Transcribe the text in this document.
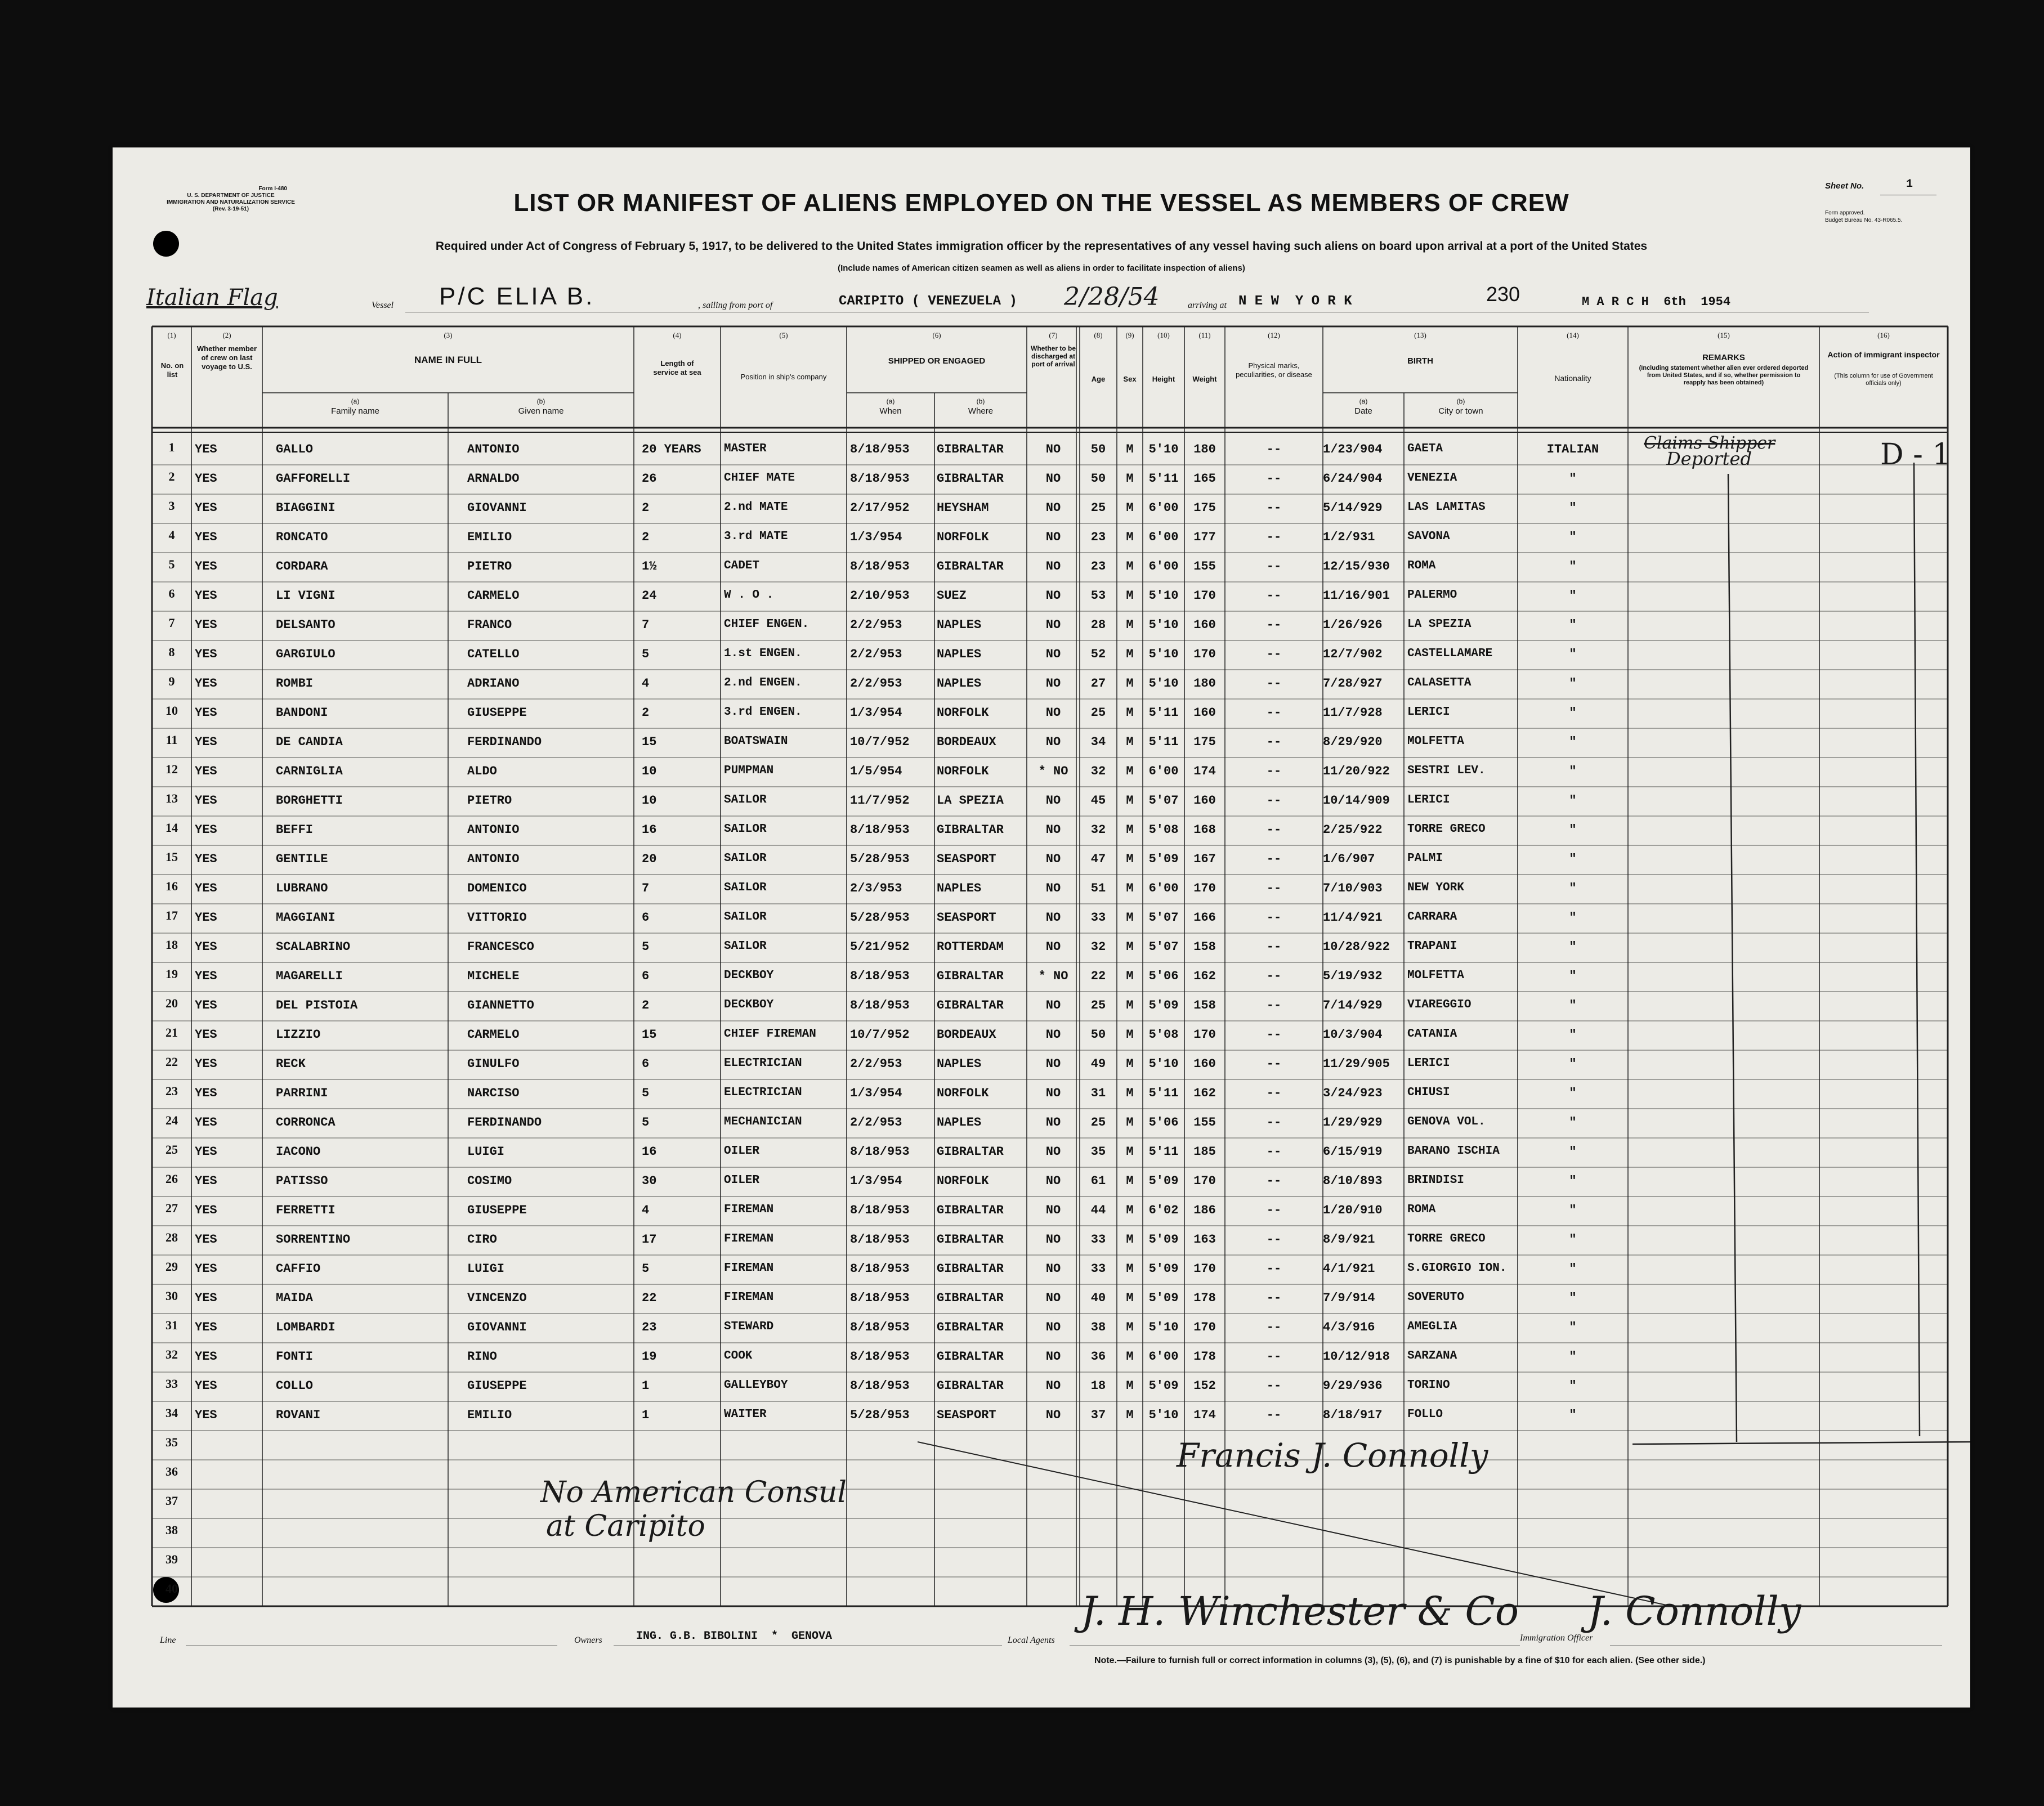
Form I-480
U. S. DEPARTMENT OF JUSTICE
IMMIGRATION AND NATURALIZATION SERVICE
(Rev. 3-19-51)	LIST OR MANIFEST OF ALIENS EMPLOYED ON THE VESSEL AS MEMBERS OF CREW
Sheet No.	1
Form approved.
Budget Bureau No. 43-R065.5.
Required under Act of Congress of February 5, 1917, to be delivered to the United States immigration officer by the representatives of any vessel having such aliens on board upon arrival at a port of the United States
(Include names of American citizen seamen as well as aliens in order to facilitate inspection of aliens)
Italian Flag	Vessel P/C ELIA B.	, sailing from port of	CARIPITO ( VENEZUELA ) 2/28/54	arriving at N E W  Y O R K	230	M A R C H  6th  1954
(1)
No. on list
(2)
Whether member of crew on last voyage to U.S.
(3)
NAME IN FULL
(a)
Family name
(b)
Given name
(4)
Length of service at sea
(5)
Position in ship's company
(6)
SHIPPED OR ENGAGED
(a)
When
(b)
Where
(7)
Whether to be discharged at port of arrival
(8)
Age
(9)
Sex
(10)
Height
(11)
Weight
(12)
Physical marks, peculiarities, or disease
(13)
BIRTH
(a)
Date
(b)
City or town
(14)
Nationality
(15)
REMARKS
(Including statement whether alien ever ordered deported from United States, and if so, whether permission to reapply has been obtained)
(16)
Action of immigrant inspector
(This column for use of Government officials only)
1	YES	GALLO	ANTONIO	20 YEARS	MASTER	8/18/953	GIBRALTAR	NO	50	M	5'10	180	--	1/23/904	GAETA	ITALIAN
2	YES	GAFFORELLI	ARNALDO	26	CHIEF MATE	8/18/953	GIBRALTAR	NO	50	M	5'11	165	--	6/24/904	VENEZIA	"
3	YES	BIAGGINI	GIOVANNI	2	2.nd MATE	2/17/952	HEYSHAM	NO	25	M	6'00	175	--	5/14/929	LAS LAMITAS	"
4	YES	RONCATO	EMILIO	2	3.rd MATE	1/3/954	NORFOLK	NO	23	M	6'00	177	--	1/2/931	SAVONA	"
5	YES	CORDARA	PIETRO	1½	CADET	8/18/953	GIBRALTAR	NO	23	M	6'00	155	--	12/15/930	ROMA	"
6	YES	LI VIGNI	CARMELO	24	W . O .	2/10/953	SUEZ	NO	53	M	5'10	170	--	11/16/901	PALERMO	"
7	YES	DELSANTO	FRANCO	7	CHIEF ENGEN.	2/2/953	NAPLES	NO	28	M	5'10	160	--	1/26/926	LA SPEZIA	"
8	YES	GARGIULO	CATELLO	5	1.st ENGEN.	2/2/953	NAPLES	NO	52	M	5'10	170	--	12/7/902	CASTELLAMARE	"
9	YES	ROMBI	ADRIANO	4	2.nd ENGEN.	2/2/953	NAPLES	NO	27	M	5'10	180	--	7/28/927	CALASETTA	"
10	YES	BANDONI	GIUSEPPE	2	3.rd ENGEN.	1/3/954	NORFOLK	NO	25	M	5'11	160	--	11/7/928	LERICI	"
11	YES	DE CANDIA	FERDINANDO	15	BOATSWAIN	10/7/952	BORDEAUX	NO	34	M	5'11	175	--	8/29/920	MOLFETTA	"
12	YES	CARNIGLIA	ALDO	10	PUMPMAN	1/5/954	NORFOLK	* NO	32	M	6'00	174	--	11/20/922	SESTRI LEV.	"
13	YES	BORGHETTI	PIETRO	10	SAILOR	11/7/952	LA SPEZIA	NO	45	M	5'07	160	--	10/14/909	LERICI	"
14	YES	BEFFI	ANTONIO	16	SAILOR	8/18/953	GIBRALTAR	NO	32	M	5'08	168	--	2/25/922	TORRE GRECO	"
15	YES	GENTILE	ANTONIO	20	SAILOR	5/28/953	SEASPORT	NO	47	M	5'09	167	--	1/6/907	PALMI	"
16	YES	LUBRANO	DOMENICO	7	SAILOR	2/3/953	NAPLES	NO	51	M	6'00	170	--	7/10/903	NEW YORK	"
17	YES	MAGGIANI	VITTORIO	6	SAILOR	5/28/953	SEASPORT	NO	33	M	5'07	166	--	11/4/921	CARRARA	"
18	YES	SCALABRINO	FRANCESCO	5	SAILOR	5/21/952	ROTTERDAM	NO	32	M	5'07	158	--	10/28/922	TRAPANI	"
19	YES	MAGARELLI	MICHELE	6	DECKBOY	8/18/953	GIBRALTAR	* NO	22	M	5'06	162	--	5/19/932	MOLFETTA	"
20	YES	DEL PISTOIA	GIANNETTO	2	DECKBOY	8/18/953	GIBRALTAR	NO	25	M	5'09	158	--	7/14/929	VIAREGGIO	"
21	YES	LIZZIO	CARMELO	15	CHIEF FIREMAN	10/7/952	BORDEAUX	NO	50	M	5'08	170	--	10/3/904	CATANIA	"
22	YES	RECK	GINULFO	6	ELECTRICIAN	2/2/953	NAPLES	NO	49	M	5'10	160	--	11/29/905	LERICI	"
23	YES	PARRINI	NARCISO	5	ELECTRICIAN	1/3/954	NORFOLK	NO	31	M	5'11	162	--	3/24/923	CHIUSI	"
24	YES	CORRONCA	FERDINANDO	5	MECHANICIAN	2/2/953	NAPLES	NO	25	M	5'06	155	--	1/29/929	GENOVA VOL.	"
25	YES	IACONO	LUIGI	16	OILER	8/18/953	GIBRALTAR	NO	35	M	5'11	185	--	6/15/919	BARANO ISCHIA	"
26	YES	PATISSO	COSIMO	30	OILER	1/3/954	NORFOLK	NO	61	M	5'09	170	--	8/10/893	BRINDISI	"
27	YES	FERRETTI	GIUSEPPE	4	FIREMAN	8/18/953	GIBRALTAR	NO	44	M	6'02	186	--	1/20/910	ROMA	"
28	YES	SORRENTINO	CIRO	17	FIREMAN	8/18/953	GIBRALTAR	NO	33	M	5'09	163	--	8/9/921	TORRE GRECO	"
29	YES	CAFFIO	LUIGI	5	FIREMAN	8/18/953	GIBRALTAR	NO	33	M	5'09	170	--	4/1/921	S.GIORGIO ION.	"
30	YES	MAIDA	VINCENZO	22	FIREMAN	8/18/953	GIBRALTAR	NO	40	M	5'09	178	--	7/9/914	SOVERUTO	"
31	YES	LOMBARDI	GIOVANNI	23	STEWARD	8/18/953	GIBRALTAR	NO	38	M	5'10	170	--	4/3/916	AMEGLIA	"
32	YES	FONTI	RINO	19	COOK	8/18/953	GIBRALTAR	NO	36	M	6'00	178	--	10/12/918	SARZANA	"
33	YES	COLLO	GIUSEPPE	1	GALLEYBOY	8/18/953	GIBRALTAR	NO	18	M	5'09	152	--	9/29/936	TORINO	"
34	YES	ROVANI	EMILIO	1	WAITER	5/28/953	SEASPORT	NO	37	M	5'10	174	--	8/18/917	FOLLO	"
35
36
37
38
39
40
Claims Shipper
Deported	D - 1
No American Consul
at Caripito
Francis J. Connolly
J. H. Winchester & Co J. Connolly
Line	Owners	ING. G.B. BIBOLINI  *  GENOVA	Local Agents	Immigration Officer
Note.—Failure to furnish full or correct information in columns (3), (5), (6), and (7) is punishable by a fine of $10 for each alien. (See other side.)
